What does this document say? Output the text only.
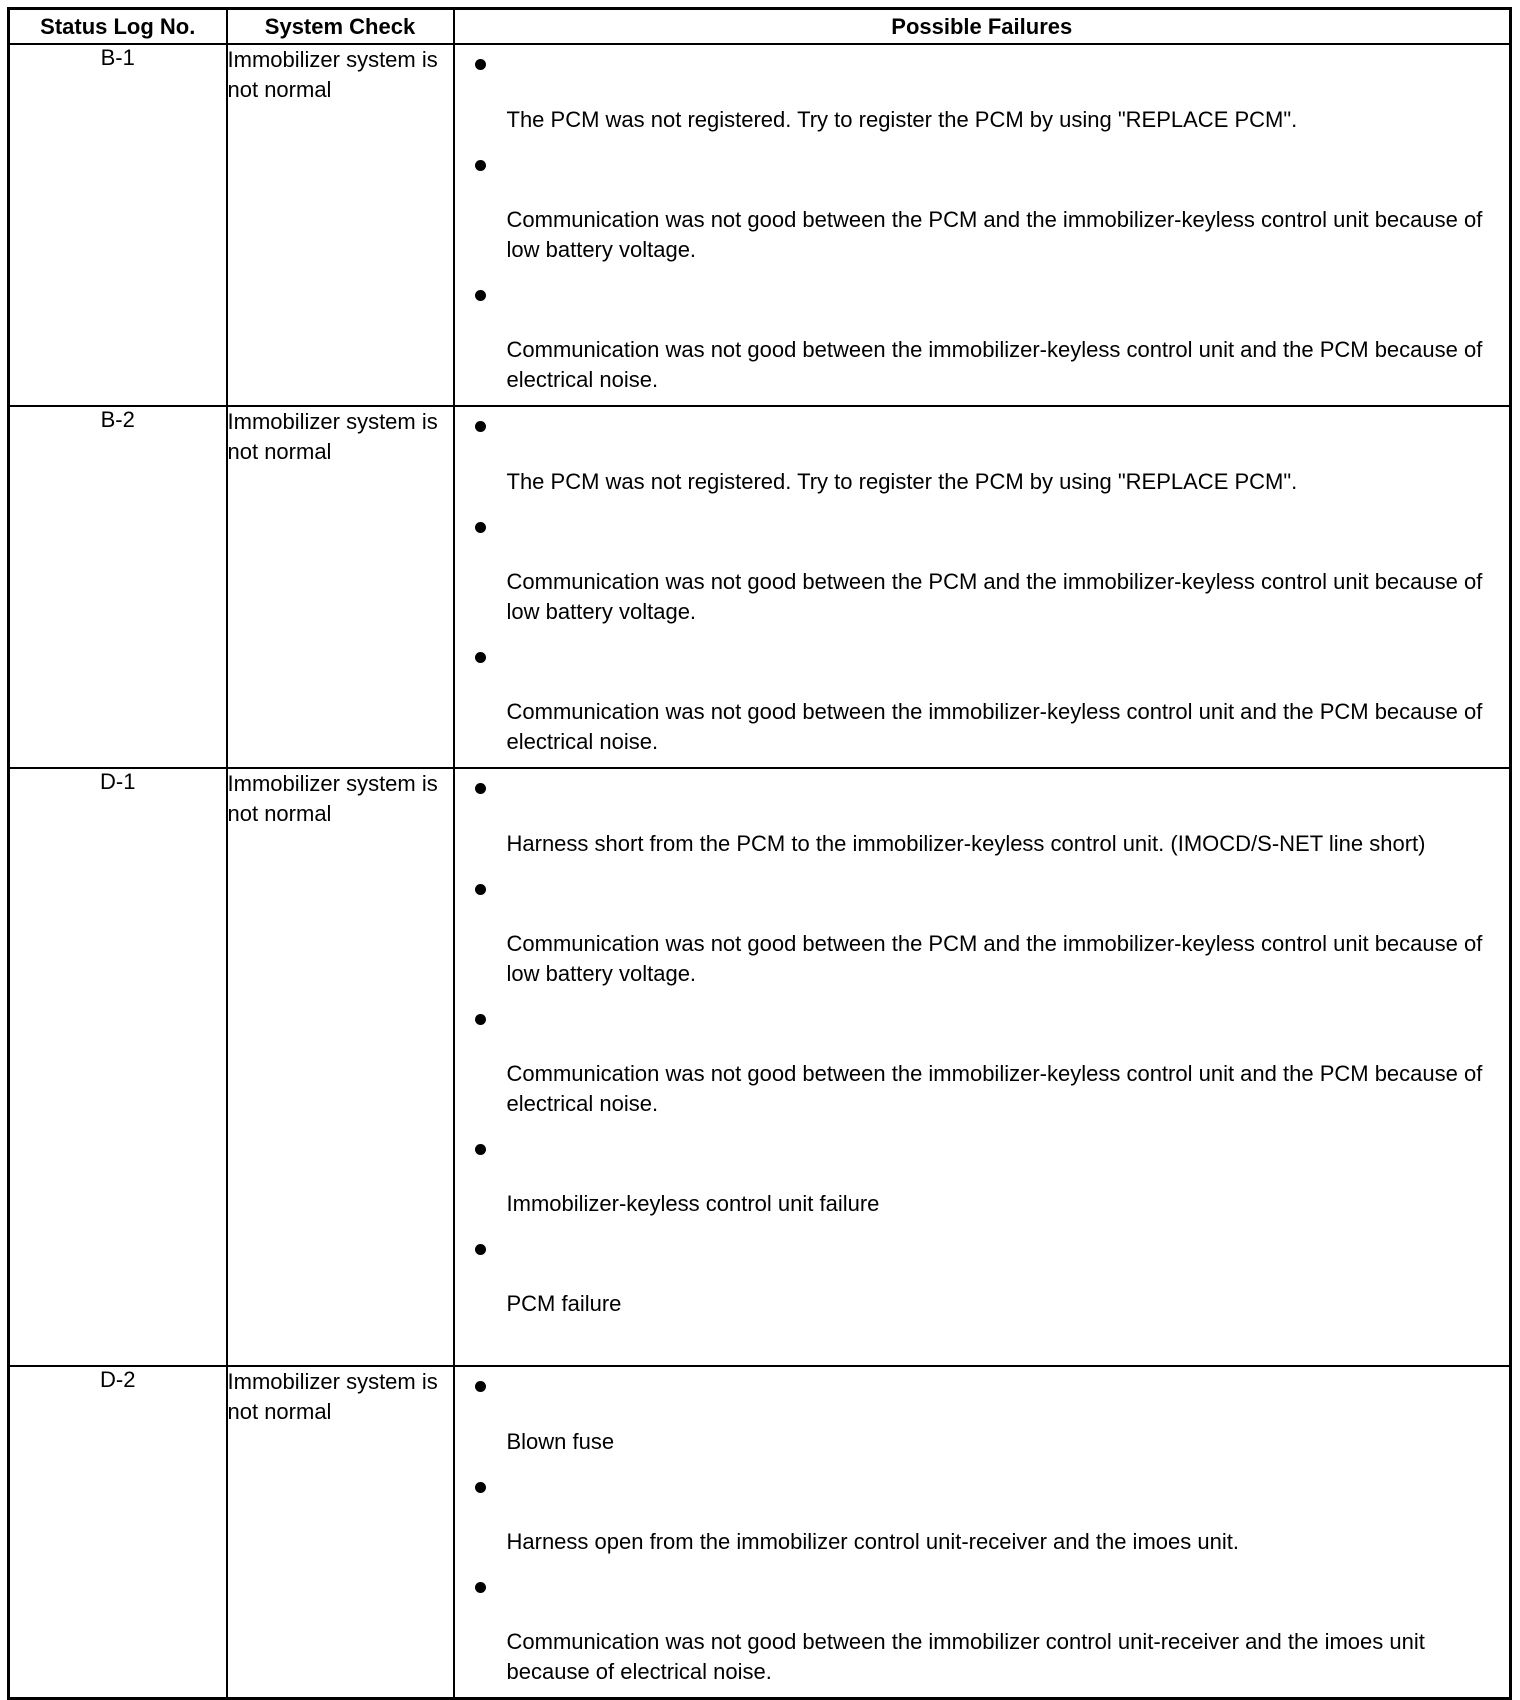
Status Log No.	System Check	Possible Failures
B-1	Immobilizer system is not normal	The PCM was not registered. Try to register the PCM by using "REPLACE PCM".
Communication was not good between the PCM and the immobilizer-keyless control unit because of low battery voltage.
Communication was not good between the immobilizer-keyless control unit and the PCM because of electrical noise.

B-2	Immobilizer system is not normal	The PCM was not registered. Try to register the PCM by using "REPLACE PCM".
Communication was not good between the PCM and the immobilizer-keyless control unit because of low battery voltage.
Communication was not good between the immobilizer-keyless control unit and the PCM because of electrical noise.

D-1	Immobilizer system is not normal	Harness short from the PCM to the immobilizer-keyless control unit. (IMOCD/S-NET line short)
Communication was not good between the PCM and the immobilizer-keyless control unit because of low battery voltage.
Communication was not good between the immobilizer-keyless control unit and the PCM because of electrical noise.
Immobilizer-keyless control unit failure
PCM failure

D-2	Immobilizer system is not normal	Blown fuse
Harness open from the immobilizer control unit-receiver and the imoes unit.
Communication was not good between the immobilizer control unit-receiver and the imoes unit because of electrical noise.
